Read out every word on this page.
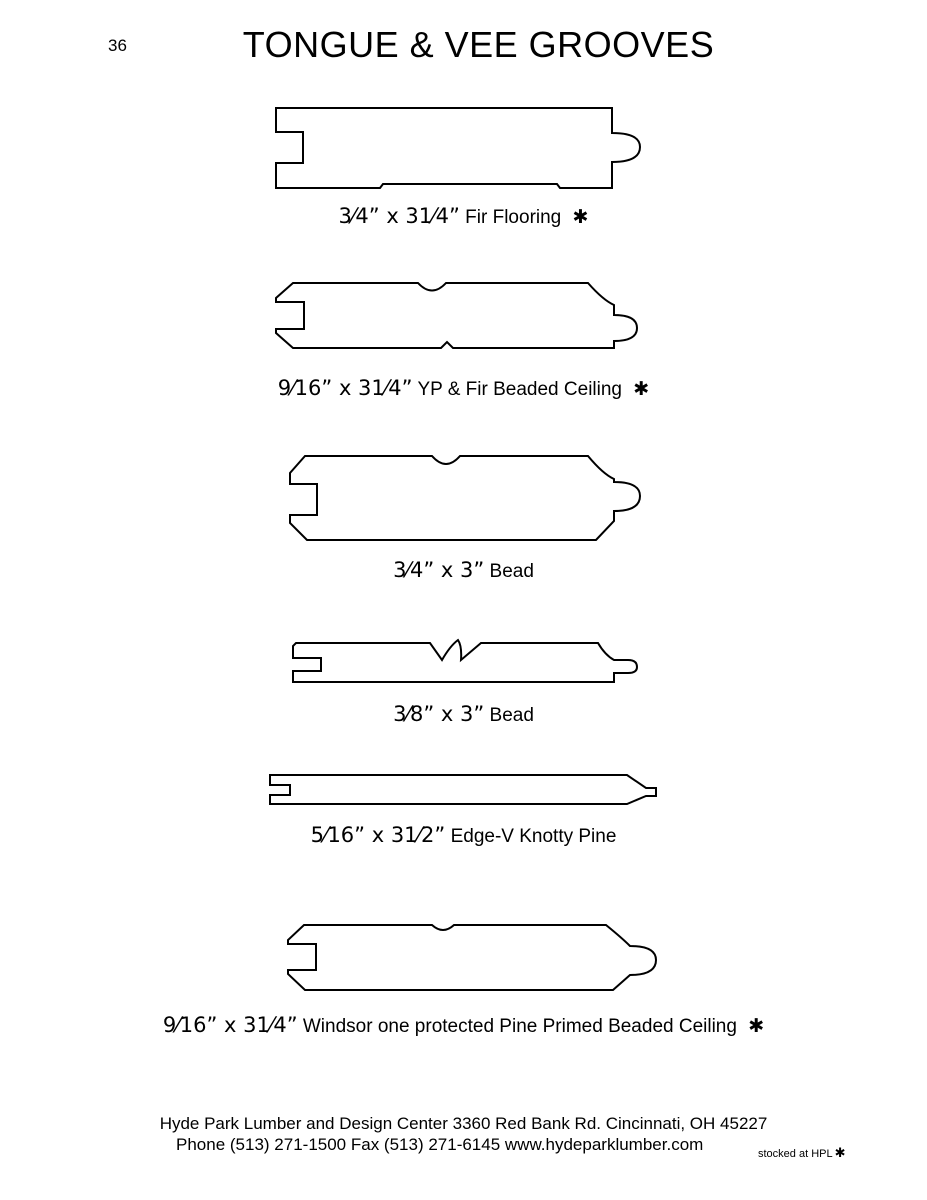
36	TONGUE & VEE GROOVES
3⁄4” x 31⁄4” Fir Flooring ✱
9⁄16” x 31⁄4” YP & Fir Beaded Ceiling ✱
3⁄4” x 3” Bead
3⁄8” x 3” Bead
5⁄16” x 31⁄2” Edge-V Knotty Pine
9⁄16” x 31⁄4” Windsor one protected Pine Primed Beaded Ceiling ✱
Hyde Park Lumber and Design Center 3360 Red Bank Rd. Cincinnati, OH 45227
Phone (513) 271-1500 Fax (513) 271-6145 www.hydeparklumber.com	stocked at HPL ✱
